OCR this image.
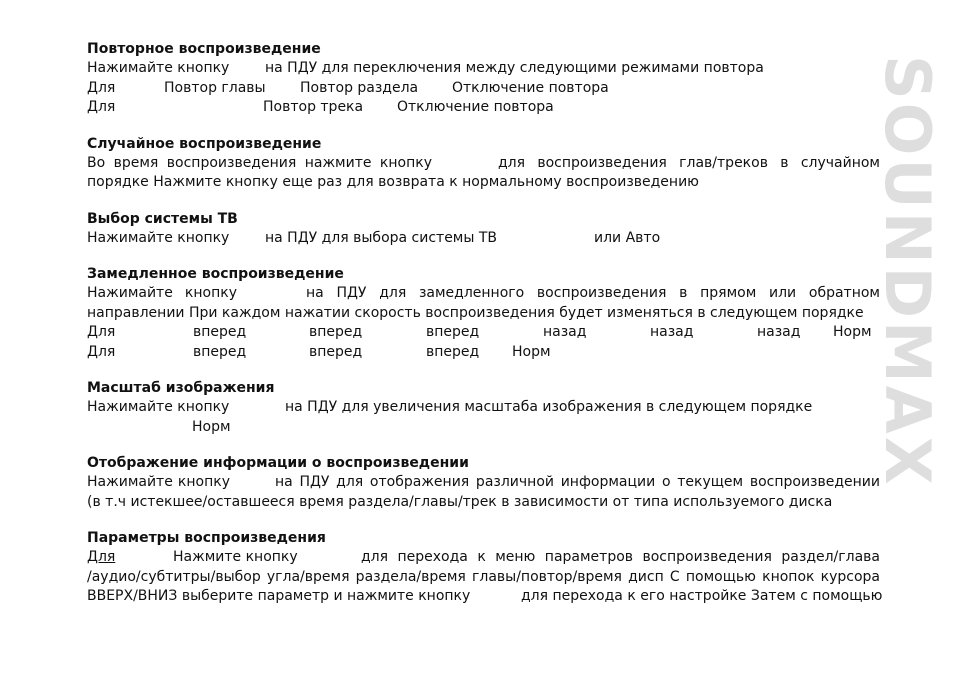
SOUNDMAX
Повторное воспроизведение
Нажимайте кнопку	на ПДУ для переключения между следующими режимами повтора
Для	Повтор главы Повтор раздела Отключение повтора
Для	Повтор трека Отключение повтора
Случайное воспроизведение
Во время воспроизведения нажмите кнопку	для воспроизведения глав/треков в случайном
порядке Нажмите кнопку еще раз для возврата к нормальному воспроизведению
Выбор системы ТВ
Нажимайте кнопку	на ПДУ для выбора системы ТВ	или Авто
Замедленное воспроизведение
Нажимайте кнопку	на ПДУ для замедленного воспроизведения в прямом или обратном
направлении При каждом нажатии скорость воспроизведения будет изменяться в следующем порядке
Для	вперед	вперед	вперед	назад	назад	назад Норм
Для	вперед	вперед	вперед Норм
Масштаб изображения
Нажимайте кнопку	на ПДУ для увеличения масштаба изображения в следующем порядке
Норм
Отображение информации о воспроизведении
Нажимайте кнопку	на ПДУ для отображения различной информации о текущем воспроизведении
(в т.ч истекшее/оставшееся время раздела/главы/трек в зависимости от типа используемого диска
Параметры воспроизведения
Для	Нажмите кнопку	для перехода к меню параметров воспроизведения раздел/глава
/аудио/субтитры/выбор угла/время раздела/время главы/повтор/время дисп С помощью кнопок курсора
ВВЕРХ/ВНИЗ выберите параметр и нажмите кнопку	для перехода к его настройке Затем с помощью
